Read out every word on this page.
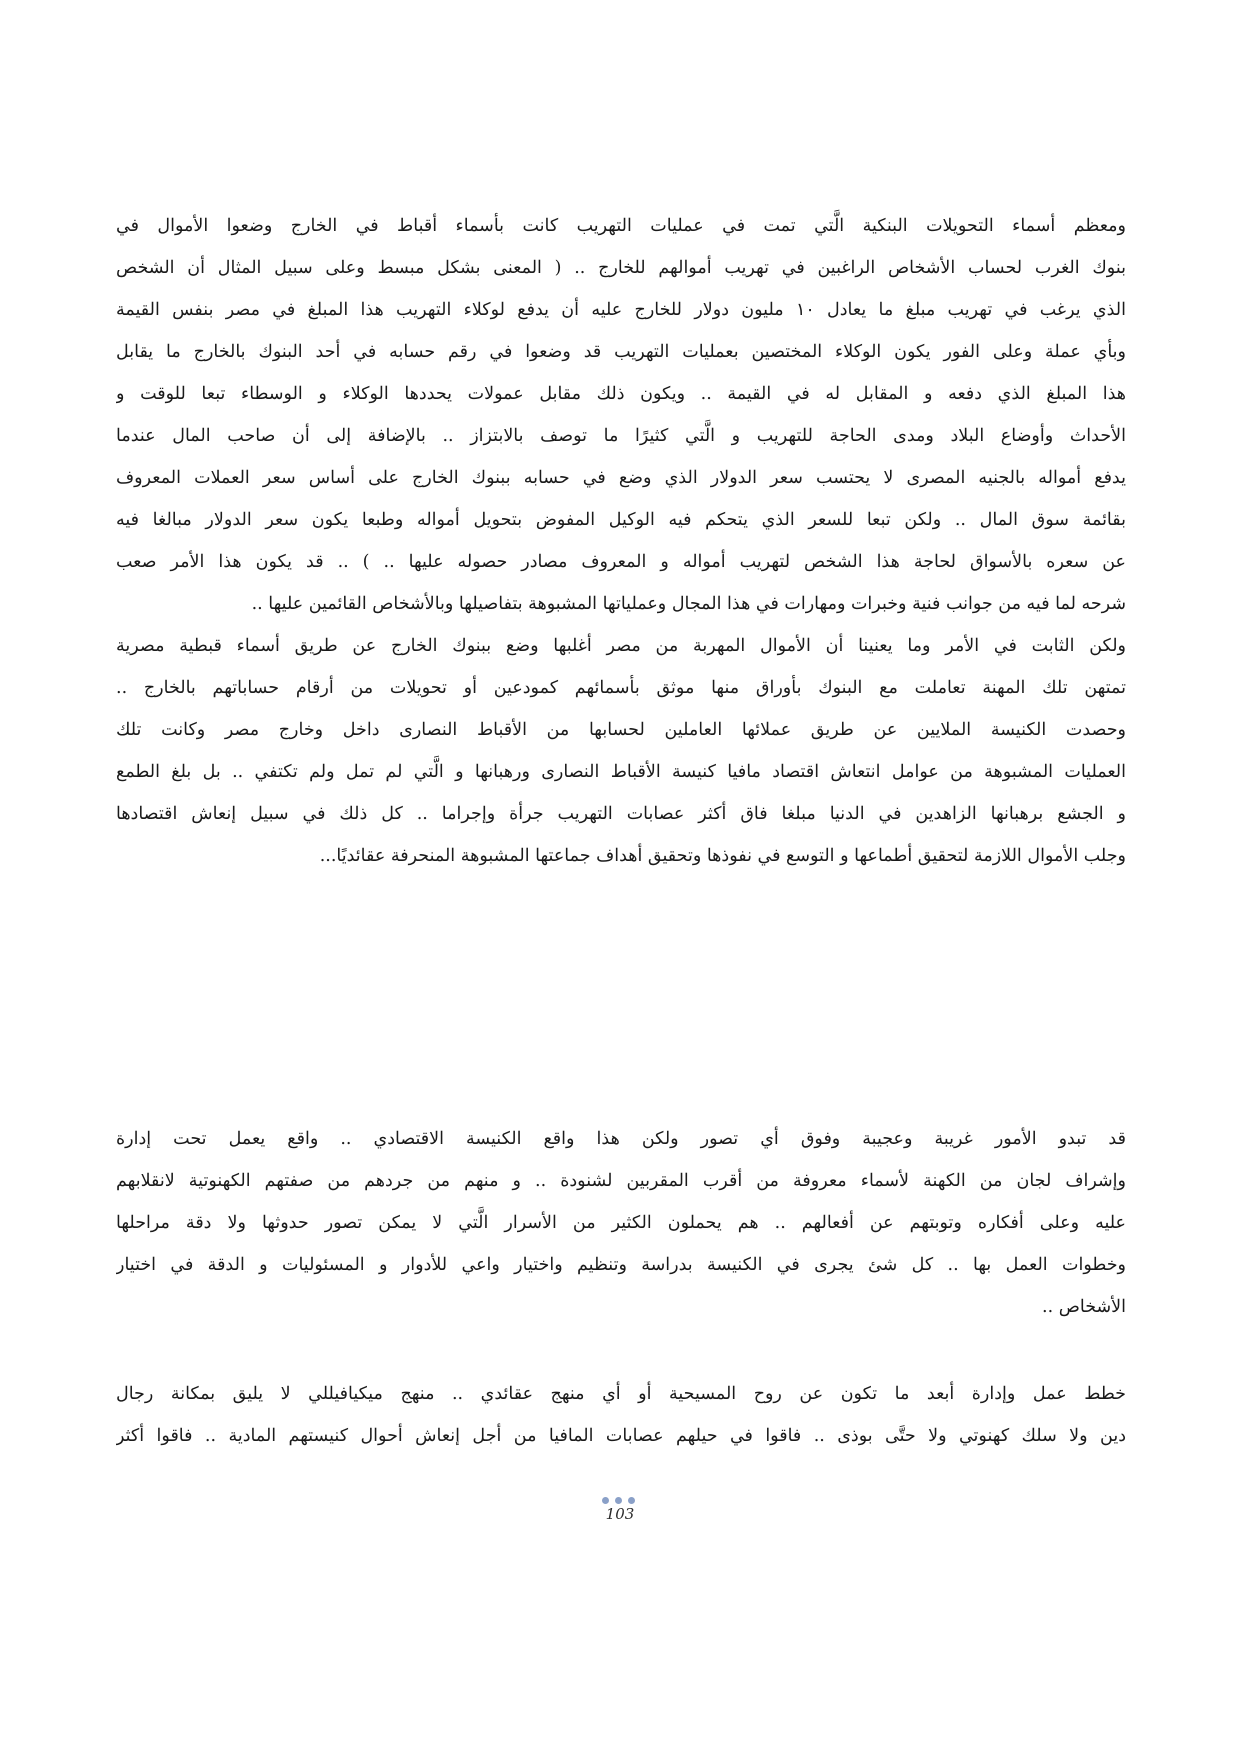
ومعظم أسماء التحويلات البنكية الَّتي تمت في عمليات التهريب كانت بأسماء أقباط في الخارج وضعوا الأموال في
بنوك الغرب لحساب الأشخاص الراغبين في تهريب أموالهم للخارج .. ( المعنى بشكل مبسط وعلى سبيل المثال أن الشخص
الذي يرغب في تهريب مبلغ ما يعادل ١٠ مليون دولار للخارج عليه أن يدفع لوكلاء التهريب هذا المبلغ في مصر بنفس القيمة
وبأي عملة وعلى الفور يكون الوكلاء المختصين بعمليات التهريب قد وضعوا في رقم حسابه في أحد البنوك بالخارج ما يقابل
هذا المبلغ الذي دفعه و المقابل له في القيمة .. ويكون ذلك مقابل عمولات يحددها الوكلاء و الوسطاء تبعا للوقت و
الأحداث وأوضاع البلاد ومدى الحاجة للتهريب و الَّتي كثيرًا ما توصف بالابتزاز .. بالإضافة إلى أن صاحب المال عندما
يدفع أمواله بالجنيه المصرى لا يحتسب سعر الدولار الذي وضع في حسابه ببنوك الخارج على أساس سعر العملات المعروف
بقائمة سوق المال .. ولكن تبعا للسعر الذي يتحكم فيه الوكيل المفوض بتحويل أمواله وطبعا يكون سعر الدولار مبالغا فيه
عن سعره بالأسواق لحاجة هذا الشخص لتهريب أمواله و المعروف مصادر حصوله عليها .. ) .. قد يكون هذا الأمر صعب
شرحه لما فيه من جوانب فنية وخبرات ومهارات في هذا المجال وعملياتها المشبوهة بتفاصيلها وبالأشخاص القائمين عليها ..
ولكن الثابت في الأمر وما يعنينا أن الأموال المهربة من مصر أغلبها وضع ببنوك الخارج عن طريق أسماء قبطية مصرية
تمتهن تلك المهنة تعاملت مع البنوك بأوراق منها موثق بأسمائهم كمودعين أو تحويلات من أرقام حساباتهم بالخارج ..
وحصدت الكنيسة الملايين عن طريق عملائها العاملين لحسابها من الأقباط النصارى داخل وخارج مصر وكانت تلك
العمليات المشبوهة من عوامل انتعاش اقتصاد مافيا كنيسة الأقباط النصارى ورهبانها و الَّتي لم تمل ولم تكتفي .. بل بلغ الطمع
و الجشع برهبانها الزاهدين في الدنيا مبلغا فاق أكثر عصابات التهريب جرأة وإجراما .. كل ذلك في سبيل إنعاش اقتصادها
وجلب الأموال اللازمة لتحقيق أطماعها و التوسع في نفوذها وتحقيق أهداف جماعتها المشبوهة المنحرفة عقائديًا...
قد تبدو الأمور غريبة وعجيبة وفوق أي تصور ولكن هذا واقع الكنيسة الاقتصادي .. واقع يعمل تحت إدارة
وإشراف لجان من الكهنة لأسماء معروفة من أقرب المقربين لشنودة .. و منهم من جردهم من صفتهم الكهنوتية لانقلابهم
عليه وعلى أفكاره وتوبتهم عن أفعالهم .. هم يحملون الكثير من الأسرار الَّتي لا يمكن تصور حدوثها ولا دقة مراحلها
وخطوات العمل بها .. كل شئ يجرى في الكنيسة بدراسة وتنظيم واختيار واعي للأدوار و المسئوليات و الدقة في اختيار
الأشخاص ..
خطط عمل وإدارة أبعد ما تكون عن روح المسيحية أو أي منهج عقائدي .. منهج ميكيافيللي لا يليق بمكانة رجال
دين ولا سلك كهنوتي ولا حتَّى بوذى .. فاقوا في حيلهم عصابات المافيا من أجل إنعاش أحوال كنيستهم المادية .. فاقوا أكثر
103
